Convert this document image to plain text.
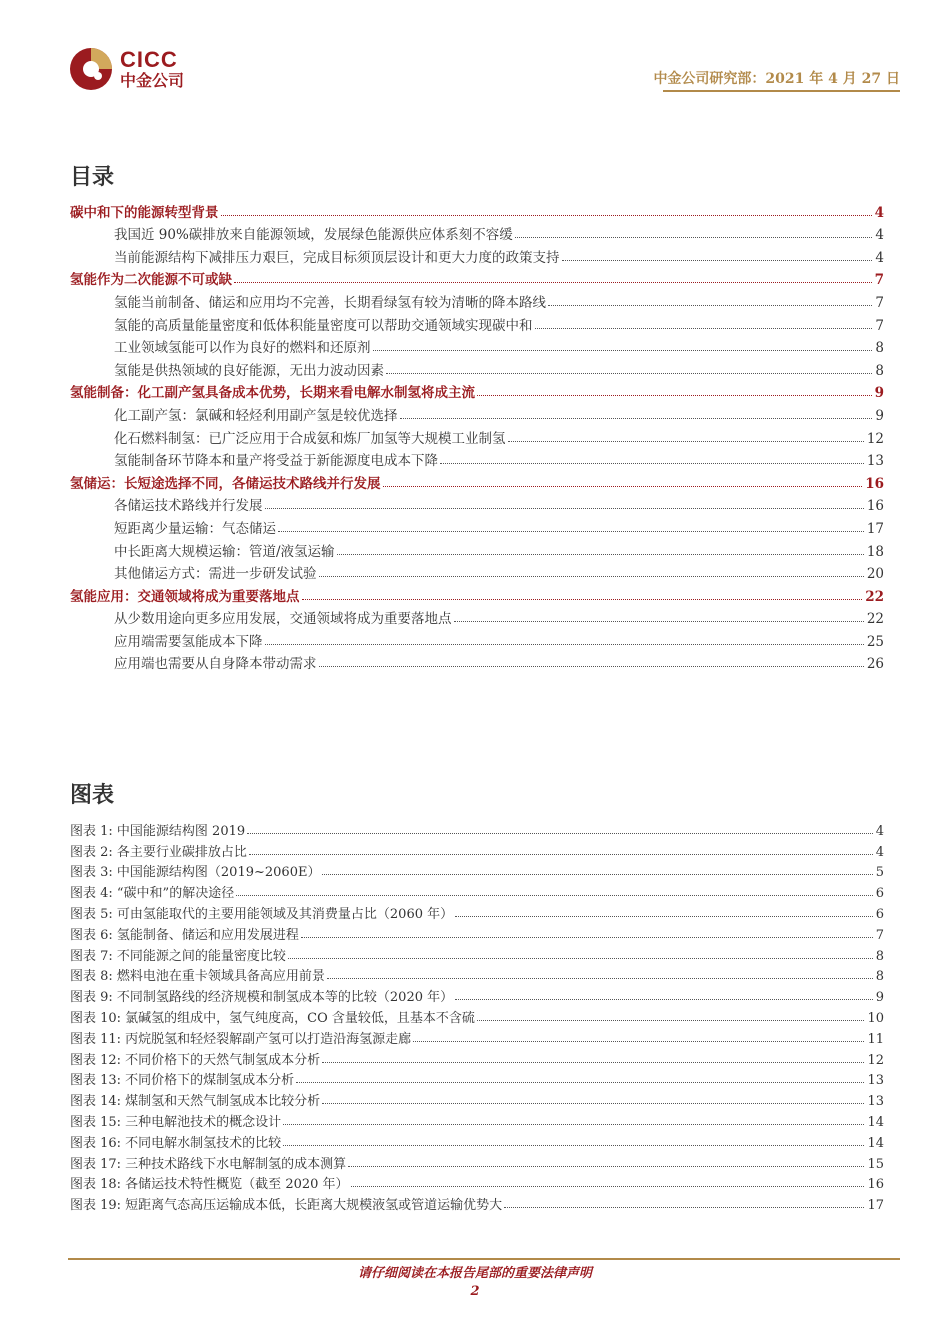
CICC
中金公司	中金公司研究部：2021 年 4 月 27 日
目录
碳中和下的能源转型背景	4
我国近 90%碳排放来自能源领域，发展绿色能源供应体系刻不容缓	4
当前能源结构下减排压力艰巨，完成目标须顶层设计和更大力度的政策支持	4
氢能作为二次能源不可或缺	7
氢能当前制备、储运和应用均不完善，长期看绿氢有较为清晰的降本路线	7
氢能的高质量能量密度和低体积能量密度可以帮助交通领域实现碳中和	7
工业领域氢能可以作为良好的燃料和还原剂	8
氢能是供热领域的良好能源，无出力波动因素	8
氢能制备：化工副产氢具备成本优势，长期来看电解水制氢将成主流	9
化工副产氢：氯碱和轻烃利用副产氢是较优选择	9
化石燃料制氢：已广泛应用于合成氨和炼厂加氢等大规模工业制氢	12
氢能制备环节降本和量产将受益于新能源度电成本下降	13
氢储运：长短途选择不同，各储运技术路线并行发展	16
各储运技术路线并行发展	16
短距离少量运输：气态储运	17
中长距离大规模运输：管道/液氢运输	18
其他储运方式：需进一步研发试验	20
氢能应用：交通领域将成为重要落地点	22
从少数用途向更多应用发展，交通领域将成为重要落地点	22
应用端需要氢能成本下降	25
应用端也需要从自身降本带动需求	26
图表
图表 1: 中国能源结构图 2019	4
图表 2: 各主要行业碳排放占比	4
图表 3: 中国能源结构图（2019~2060E）	5
图表 4: “碳中和”的解决途径	6
图表 5: 可由氢能取代的主要用能领域及其消费量占比（2060 年）	6
图表 6: 氢能制备、储运和应用发展进程	7
图表 7: 不同能源之间的能量密度比较	8
图表 8: 燃料电池在重卡领域具备高应用前景	8
图表 9: 不同制氢路线的经济规模和制氢成本等的比较（2020 年）	9
图表 10: 氯碱氢的组成中，氢气纯度高，CO 含量较低，且基本不含硫	10
图表 11: 丙烷脱氢和轻烃裂解副产氢可以打造沿海氢源走廊	11
图表 12: 不同价格下的天然气制氢成本分析	12
图表 13: 不同价格下的煤制氢成本分析	13
图表 14: 煤制氢和天然气制氢成本比较分析	13
图表 15: 三种电解池技术的概念设计	14
图表 16: 不同电解水制氢技术的比较	14
图表 17: 三种技术路线下水电解制氢的成本测算	15
图表 18: 各储运技术特性概览（截至 2020 年）	16
图表 19: 短距离气态高压运输成本低，长距离大规模液氢或管道运输优势大	17
请仔细阅读在本报告尾部的重要法律声明
2
